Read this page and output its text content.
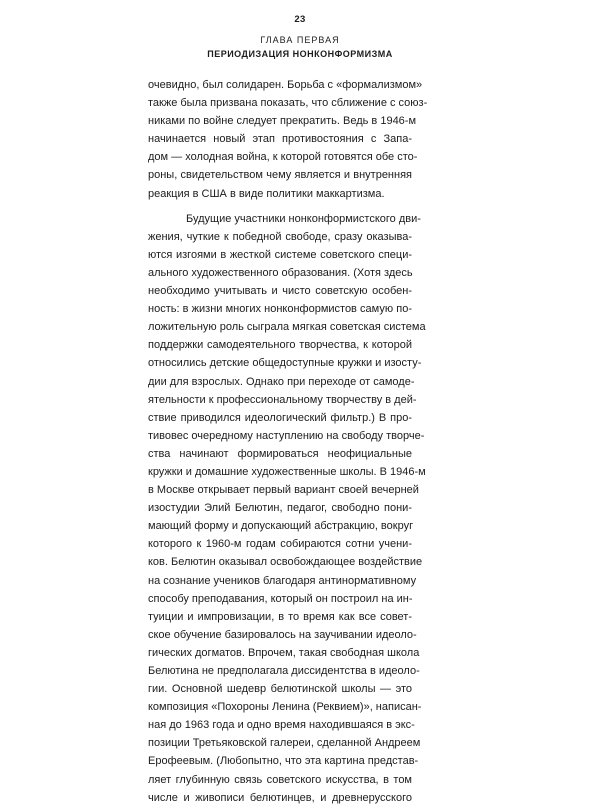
23
ГЛАВА ПЕРВАЯ
ПЕРИОДИЗАЦИЯ НОНКОНФОРМИЗМА
очевидно, был солидарен. Борьба с «формализмом»
также была призвана показать, что сближение с союз-
никами по войне следует прекратить. Ведь в 1946-м
начинается новый этап противостояния с Запа-
дом — холодная война, к которой готовятся обе сто-
роны, свидетельством чему является и внутренняя
реакция в США в виде политики маккартизма.
Будущие участники нонконформистского дви-
жения, чуткие к победной свободе, сразу оказыва-
ются изгоями в жесткой системе советского специ-
ального художественного образования. (Хотя здесь
необходимо учитывать и чисто советскую особен-
ность: в жизни многих нонконформистов самую по-
ложительную роль сыграла мягкая советская система
поддержки самодеятельного творчества, к которой
относились детские общедоступные кружки и изосту-
дии для взрослых. Однако при переходе от самоде-
ятельности к профессиональному творчеству в дей-
ствие приводился идеологический фильтр.) В про-
тивовес очередному наступлению на свободу творче-
ства начинают формироваться неофициальные
кружки и домашние художественные школы. В 1946-м
в Москве открывает первый вариант своей вечерней
изостудии Элий Белютин, педагог, свободно пони-
мающий форму и допускающий абстракцию, вокруг
которого к 1960-м годам собираются сотни учени-
ков. Белютин оказывал освобождающее воздействие
на сознание учеников благодаря антинормативному
способу преподавания, который он построил на ин-
туиции и импровизации, в то время как все совет-
ское обучение базировалось на заучивании идеоло-
гических догматов. Впрочем, такая свободная школа
Белютина не предполагала диссидентства в идеоло-
гии. Основной шедевр белютинской школы — это
композиция «Похороны Ленина (Реквием)», написан-
ная до 1963 года и одно время находившаяся в экс-
позиции Третьяковской галереи, сделанной Андреем
Ерофеевым. (Любопытно, что эта картина представ-
ляет глубинную связь советского искусства, в том
числе и живописи белютинцев, и древнерусского
